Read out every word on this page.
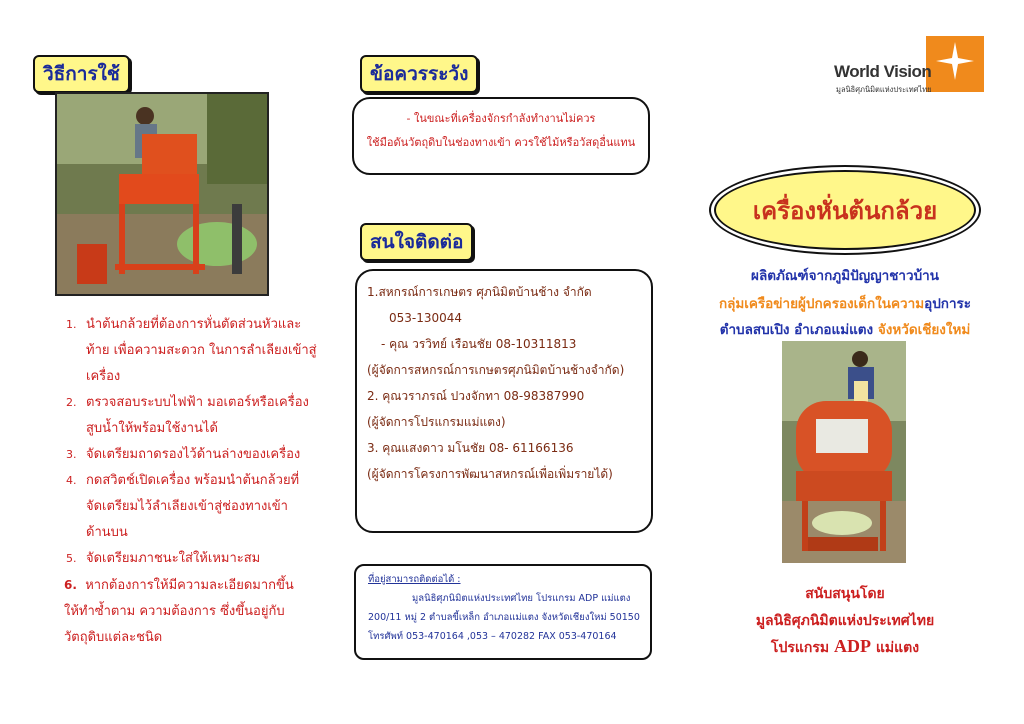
วิธีการใช้
1. นำต้นกล้วยที่ต้องการหั่นตัดส่วนหัวและ
ท้าย เพื่อความสะดวก ในการลำเลียงเข้าสู่
เครื่อง
2. ตรวจสอบระบบไฟฟ้า มอเตอร์หรือเครื่อง
สูบน้ำให้พร้อมใช้งานได้
3. จัดเตรียมถาดรองไว้ด้านล่างของเครื่อง
4. กดสวิตช์เปิดเครื่อง พร้อมนำต้นกล้วยที่
จัดเตรียมไว้ลำเลียงเข้าสู่ช่องทางเข้า
ด้านบน
5. จัดเตรียมภาชนะใส่ให้เหมาะสม
6. หากต้องการให้มีความละเอียดมากขึ้น
ให้ทำซ้ำตาม ความต้องการ ซึ่งขึ้นอยู่กับ
วัตถุดิบแต่ละชนิด
ข้อควรระวัง
- ในขณะที่เครื่องจักรกำลังทำงานไม่ควร
ใช้มือดันวัตถุดิบในช่องทางเข้า ควรใช้ไม้หรือวัสดุอื่นแทน
สนใจติดต่อ
1.สหกรณ์การเกษตร ศุภนิมิตบ้านช้าง จำกัด
053-130044
- คุณ วรวิทย์ เรือนชัย 08-10311813
(ผู้จัดการสหกรณ์การเกษตรศุภนิมิตบ้านช้างจำกัด)
2. คุณวราภรณ์ ปวงจักทา 08-98387990
(ผู้จัดการโปรแกรมแม่แตง)
3. คุณแสงดาว มโนชัย 08- 61166136
(ผู้จัดการโครงการพัฒนาสหกรณ์เพื่อเพิ่มรายได้)
ที่อยู่สามารถติดต่อได้ :
มูลนิธิศุภนิมิตแห่งประเทศไทย โปรแกรม ADP แม่แตง
200/11 หมู่ 2 ตำบลขี้เหล็ก อำเภอแม่แตง จังหวัดเชียงใหม่ 50150
โทรศัพท์ 053-470164 ,053 – 470282 FAX 053-470164
World Vision
มูลนิธิศุภนิมิตแห่งประเทศไทย
เครื่องหั่นต้นกล้วย
ผลิตภัณฑ์จากภูมิปัญญาชาวบ้าน
กลุ่มเครือข่ายผู้ปกครองเด็กในความอุปการะ
ตำบลสบเปิง อำเภอแม่แตง จังหวัดเชียงใหม่
สนับสนุนโดย
มูลนิธิศุภนิมิตแห่งประเทศไทย
โปรแกรม ADP แม่แตง
